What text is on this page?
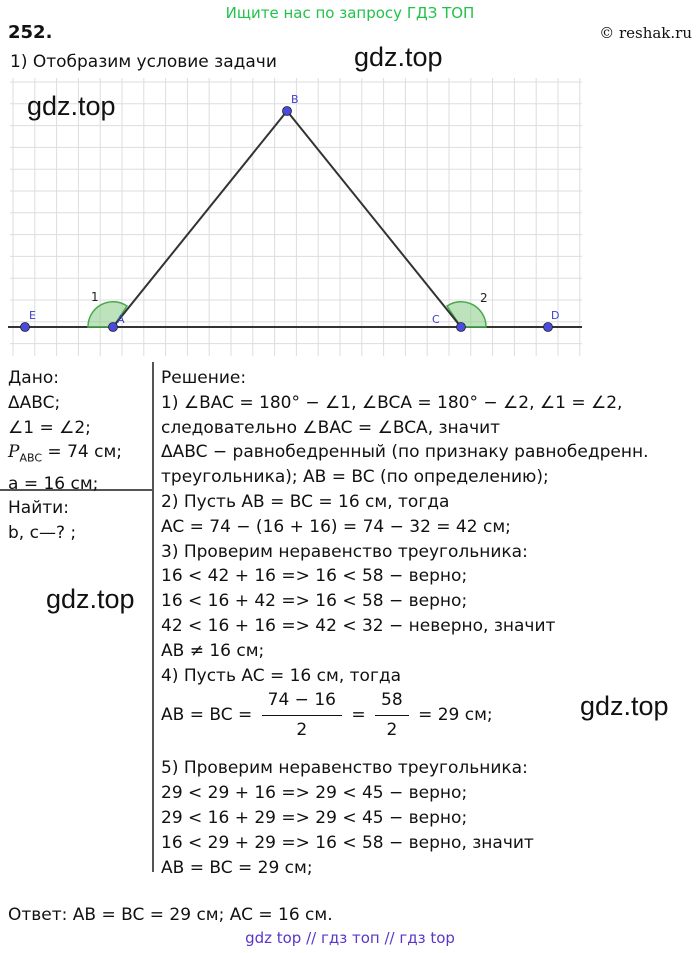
Ищите нас по запросу ГДЗ ТОП
252.	© reshak.ru
1) Отобразим условие задачи
B
E	A	C	D
1	2
gdz.top
gdz.top
gdz.top
gdz.top
Дано:
ΔABC;
∠1 = ∠2;
$P_{ABC} = 74$ см;
a = 16 см;
Найти:
b, c—? ;
Решение:
1) ∠BAC = 180° − ∠1, ∠BCA = 180° − ∠2, ∠1 = ∠2,
следовательно ∠BAC = ∠BCA, значит
ΔABC − равнобедренный (по признаку равнобедренн.
треугольника); AB = BC (по определению);
2) Пусть AB = BC = 16 см, тогда
AC = 74 − (16 + 16) = 74 − 32 = 42 см;
3) Проверим неравенство треугольника:
16 < 42 + 16 => 16 < 58 − верно;
16 < 16 + 42 => 16 < 58 − верно;
42 < 16 + 16 => 42 < 32 − неверно, значит
AB ≠ 16 см;
4) Пусть AC = 16 см, тогда
AB = BC = $\frac{74 - 16}{2} = \frac{58}{2} = 29$ см;
5) Проверим неравенство треугольника:
29 < 29 + 16 => 29 < 45 − верно;
29 < 16 + 29 => 29 < 45 − верно;
16 < 29 + 29 => 16 < 58 − верно, значит
AB = BC = 29 см;
Ответ: AB = BC = 29 см; AC = 16 см.
gdz top // гдз топ // гдз top
